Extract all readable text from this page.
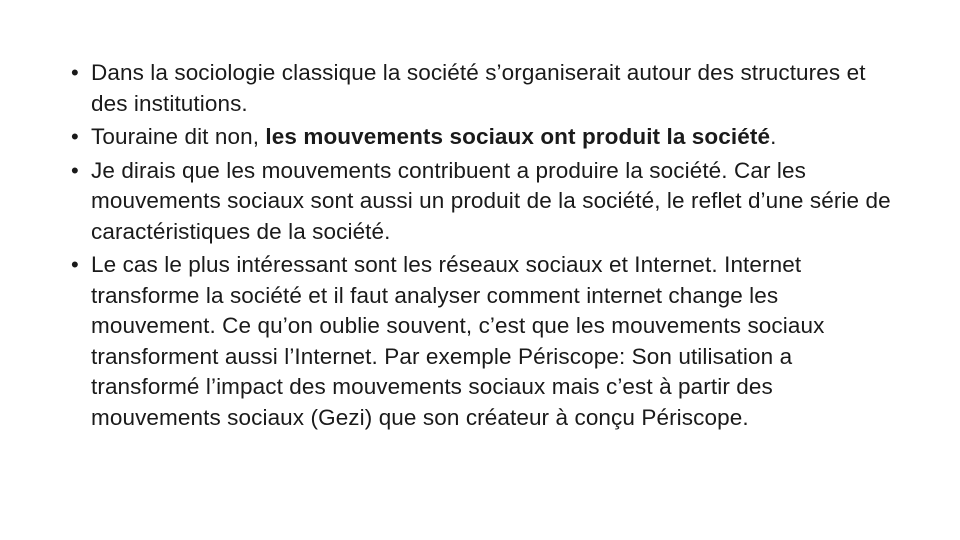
• Dans la sociologie classique la société s’organiserait autour des structures et des institutions.
• Touraine dit non, les mouvements sociaux ont produit la société.
• Je dirais que les mouvements contribuent a produire la société. Car les mouvements sociaux sont aussi un produit de la société, le reflet d’une série de caractéristiques de la société.
• Le cas le plus intéressant sont les réseaux sociaux et Internet. Internet transforme la société et il faut analyser comment internet change les mouvement. Ce qu’on oublie souvent, c’est que les mouvements sociaux transforment aussi l’Internet. Par exemple Périscope: Son utilisation a transformé l’impact des mouvements sociaux mais c’est à partir des mouvements sociaux (Gezi) que son créateur à conçu Périscope.
